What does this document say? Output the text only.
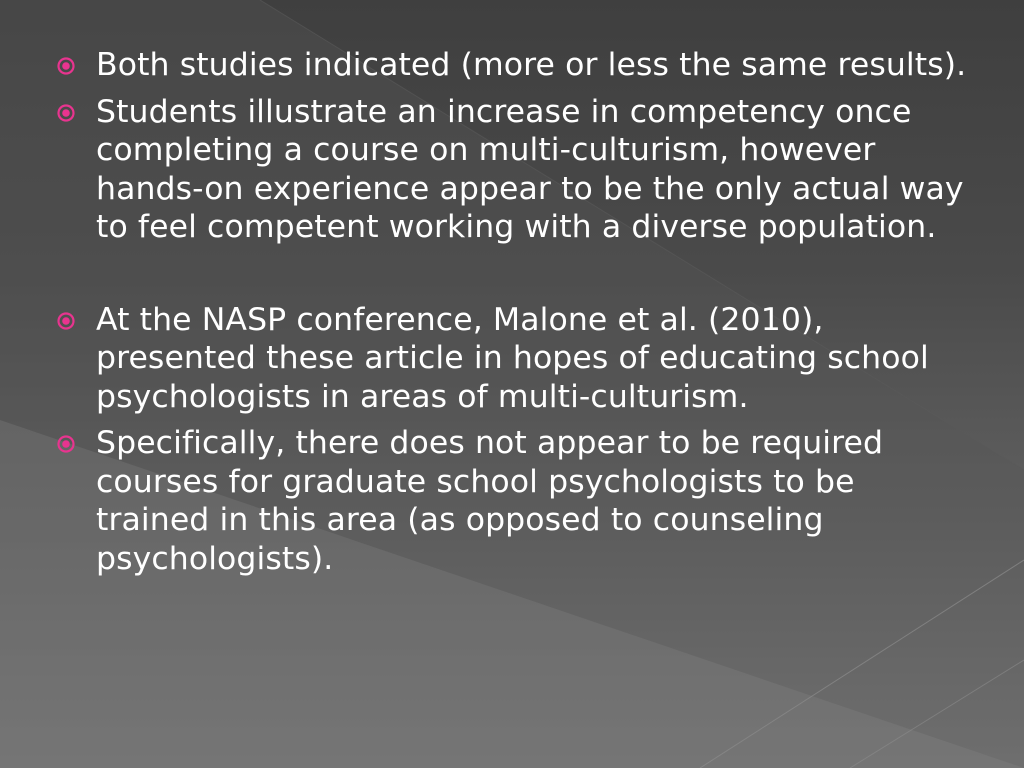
Both studies indicated (more or less the same results).
Students illustrate an increase in competency once completing a course on multi-culturism, however hands-on experience appear to be the only actual way to feel competent working with a diverse population.
At the NASP conference, Malone et al. (2010), presented these article in hopes of educating school psychologists in areas of multi-culturism.
Specifically, there does not appear to be required courses for graduate school psychologists to be trained in this area (as opposed to counseling psychologists).
